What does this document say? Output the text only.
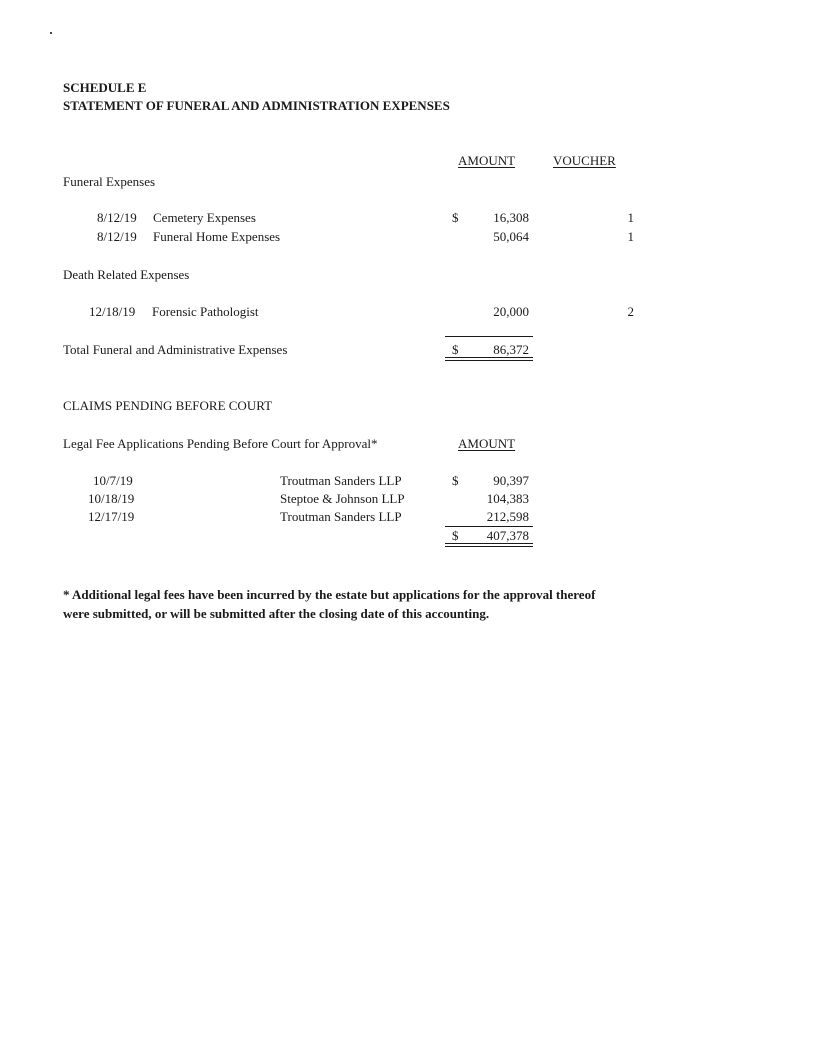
SCHEDULE E
STATEMENT OF FUNERAL AND ADMINISTRATION EXPENSES
AMOUNT	VOUCHER
Funeral Expenses
8/12/19 Cemetery Expenses	$	16,308	1
8/12/19 Funeral Home Expenses	50,064	1
Death Related Expenses
12/18/19 Forensic Pathologist	20,000	2
Total Funeral and Administrative Expenses	$	86,372
CLAIMS PENDING BEFORE COURT
Legal Fee Applications Pending Before Court for Approval*	AMOUNT
10/7/19	Troutman Sanders LLP	$	90,397
10/18/19	Steptoe & Johnson LLP	104,383
12/17/19	Troutman Sanders LLP	212,598
$ 407,378
* Additional legal fees have been incurred by the estate but applications for the approval thereof
were submitted, or will be submitted after the closing date of this accounting.
